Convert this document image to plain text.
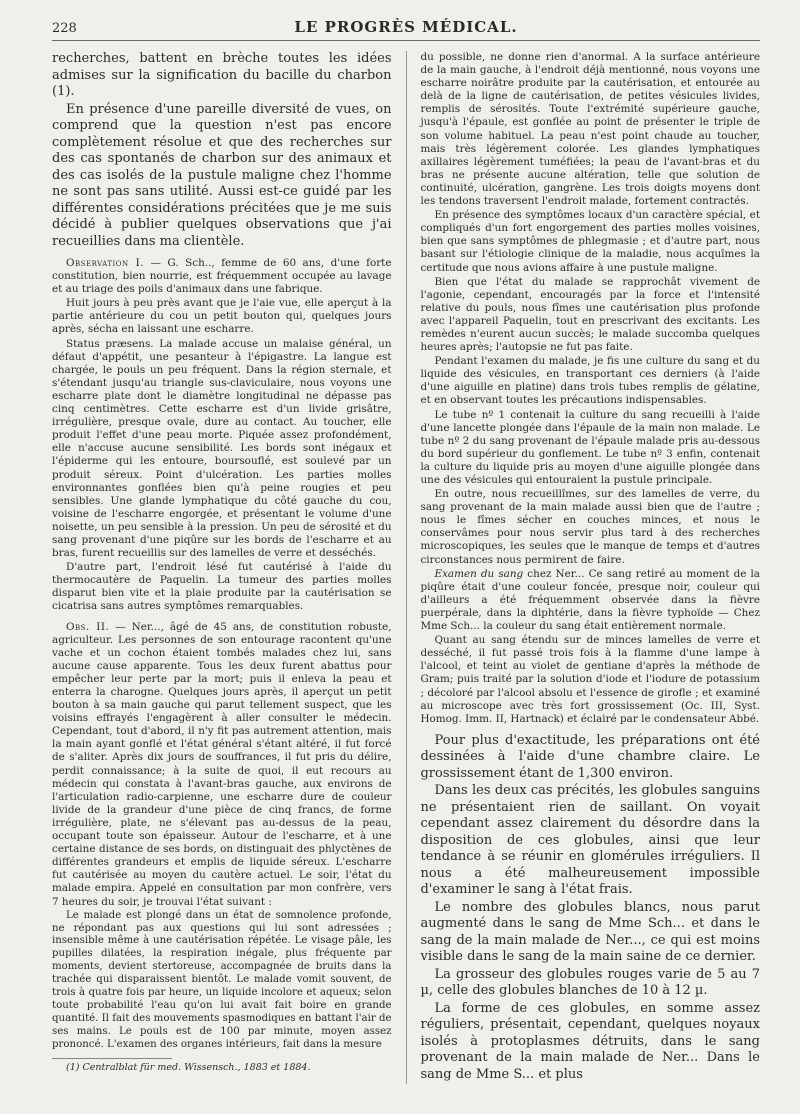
228	LE PROGRÈS MÉDICAL.

recherches, battent en brèche toutes les idées admises sur la signification du bacille du charbon (1).

En présence d'une pareille diversité de vues, on comprend que la question n'est pas encore complètement résolue et que des recherches sur des cas spontanés de charbon sur des animaux et des cas isolés de la pustule maligne chez l'homme ne sont pas sans utilité. Aussi est-ce guidé par les différentes considérations précitées que je me suis décidé à publier quelques observations que j'ai recueillies dans ma clientèle.

Observation I. — G. Sch.., femme de 60 ans, d'une forte constitution, bien nourrie, est fréquemment occupée au lavage et au triage des poils d'animaux dans une fabrique.

Huit jours à peu près avant que je l'aie vue, elle aperçut à la partie antérieure du cou un petit bouton qui, quelques jours après, sécha en laissant une escharre.

Status præsens. La malade accuse un malaise général, un défaut d'appétit, une pesanteur à l'épigastre. La langue est chargée, le pouls un peu fréquent. Dans la région sternale, et s'étendant jusqu'au triangle sus-claviculaire, nous voyons une escharre plate dont le diamètre longitudinal ne dépasse pas cinq centimètres. Cette escharre est d'un livide grisâtre, irrégulière, presque ovale, dure au contact. Au toucher, elle produit l'effet d'une peau morte. Piquée assez profondément, elle n'accuse aucune sensibilité. Les bords sont inégaux et l'épiderme qui les entoure, boursouflé, est soulevé par un produit séreux. Point d'ulcération. Les parties molles environnantes gonflées bien qu'à peine rougies et peu sensibles. Une glande lymphatique du côté gauche du cou, voisine de l'escharre engorgée, et présentant le volume d'une noisette, un peu sensible à la pression. Un peu de sérosité et du sang provenant d'une piqûre sur les bords de l'escharre et au bras, furent recueillis sur des lamelles de verre et desséchés.

D'autre part, l'endroit lésé fut cautérisé à l'aide du thermocautère de Paquelin. La tumeur des parties molles disparut bien vite et la plaie produite par la cautérisation se cicatrisa sans autres symptômes remarquables.

Obs. II. — Ner..., âgé de 45 ans, de constitution robuste, agriculteur. Les personnes de son entourage racontent qu'une vache et un cochon étaient tombés malades chez lui, sans aucune cause apparente. Tous les deux furent abattus pour empêcher leur perte par la mort; puis il enleva la peau et enterra la charogne. Quelques jours après, il aperçut un petit bouton à sa main gauche qui parut tellement suspect, que les voisins effrayés l'engagèrent à aller consulter le médecin. Cependant, tout d'abord, il n'y fit pas autrement attention, mais la main ayant gonflé et l'état général s'étant altéré, il fut forcé de s'aliter. Après dix jours de souffrances, il fut pris du délire, perdit connaissance; à la suite de quoi, il eut recours au médecin qui constata à l'avant-bras gauche, aux environs de l'articulation radio-carpienne, une escharre dure de couleur livide de la grandeur d'une pièce de cinq francs, de forme irrégulière, plate, ne s'élevant pas au-dessus de la peau, occupant toute son épaisseur. Autour de l'escharre, et à une certaine distance de ses bords, on distinguait des phlyctènes de différentes grandeurs et emplis de liquide séreux. L'escharre fut cautérisée au moyen du cautère actuel. Le soir, l'état du malade empira. Appelé en consultation par mon confrère, vers 7 heures du soir, je trouvai l'état suivant :

Le malade est plongé dans un état de somnolence profonde, ne répondant pas aux questions qui lui sont adressées ; insensible même à une cautérisation répétée. Le visage pâle, les pupilles dilatées, la respiration inégale, plus fréquente par moments, devient stertoreuse, accompagnée de bruits dans la trachée qui disparaissent bientôt. Le malade vomit souvent, de trois à quatre fois par heure, un liquide incolore et aqueux; selon toute probabilité l'eau qu'on lui avait fait boire en grande quantité. Il fait des mouvements spasmodiques en battant l'air de ses mains. Le pouls est de 100 par minute, moyen assez prononcé. L'examen des organes intérieurs, fait dans la mesure

(1) Centralblat für med. Wissensch., 1883 et 1884.

du possible, ne donne rien d'anormal. A la surface antérieure de la main gauche, à l'endroit déjà mentionné, nous voyons une escharre noirâtre produite par la cautérisation, et entourée au delà de la ligne de cautérisation, de petites vésicules livides, remplis de sérosités. Toute l'extrémité supérieure gauche, jusqu'à l'épaule, est gonflée au point de présenter le triple de son volume habituel. La peau n'est point chaude au toucher, mais très légèrement colorée. Les glandes lymphatiques axillaires légèrement tuméfiées; la peau de l'avant-bras et du bras ne présente aucune altération, telle que solution de continuité, ulcération, gangrène. Les trois doigts moyens dont les tendons traversent l'endroit malade, fortement contractés.

En présence des symptômes locaux d'un caractère spécial, et compliqués d'un fort engorgement des parties molles voisines, bien que sans symptômes de phlegmasie ; et d'autre part, nous basant sur l'étiologie clinique de la maladie, nous acquîmes la certitude que nous avions affaire à une pustule maligne.

Bien que l'état du malade se rapprochât vivement de l'agonie, cependant, encouragés par la force et l'intensité relative du pouls, nous fîmes une cautérisation plus profonde avec l'appareil Paquelin, tout en prescrivant des excitants. Les remèdes n'eurent aucun succès; le malade succomba quelques heures après; l'autopsie ne fut pas faite.

Pendant l'examen du malade, je fis une culture du sang et du liquide des vésicules, en transportant ces derniers (à l'aide d'une aiguille en platine) dans trois tubes remplis de gélatine, et en observant toutes les précautions indispensables.

Le tube nº 1 contenait la culture du sang recueilli à l'aide d'une lancette plongée dans l'épaule de la main non malade. Le tube nº 2 du sang provenant de l'épaule malade pris au-dessous du bord supérieur du gonflement. Le tube nº 3 enfin, contenait la culture du liquide pris au moyen d'une aiguille plongée dans une des vésicules qui entouraient la pustule principale.

En outre, nous recueillîmes, sur des lamelles de verre, du sang provenant de la main malade aussi bien que de l'autre ; nous le fîmes sécher en couches minces, et nous le conservâmes pour nous servir plus tard à des recherches microscopiques, les seules que le manque de temps et d'autres circonstances nous permirent de faire.

Examen du sang chez Ner... Ce sang retiré au moment de la piqûre était d'une couleur foncée, presque noir, couleur qui d'ailleurs a été fréquemment observée dans la fièvre puerpérale, dans la diphtérie, dans la fièvre typhoïde — Chez Mme Sch... la couleur du sang était entièrement normale.

Quant au sang étendu sur de minces lamelles de verre et desséché, il fut passé trois fois à la flamme d'une lampe à l'alcool, et teint au violet de gentiane d'après la méthode de Gram; puis traité par la solution d'iode et l'iodure de potassium ; décoloré par l'alcool absolu et l'essence de girofle ; et examiné au microscope avec très fort grossissement (Oc. III, Syst. Homog. Imm. II, Hartnack) et éclairé par le condensateur Abbé.

Pour plus d'exactitude, les préparations ont été dessinées à l'aide d'une chambre claire. Le grossissement étant de 1,300 environ.

Dans les deux cas précités, les globules sanguins ne présentaient rien de saillant. On voyait cependant assez clairement du désordre dans la disposition de ces globules, ainsi que leur tendance à se réunir en glomérules irréguliers. Il nous a été malheureusement impossible d'examiner le sang à l'état frais.

Le nombre des globules blancs, nous parut augmenté dans le sang de Mme Sch... et dans le sang de la main malade de Ner..., ce qui est moins visible dans le sang de la main saine de ce dernier.

La grosseur des globules rouges varie de 5 au 7 µ, celle des globules blanches de 10 à 12 µ.

La forme de ces globules, en somme assez réguliers, présentait, cependant, quelques noyaux isolés à protoplasmes détruits, dans le sang provenant de la main malade de Ner... Dans le sang de Mme S... et plus
